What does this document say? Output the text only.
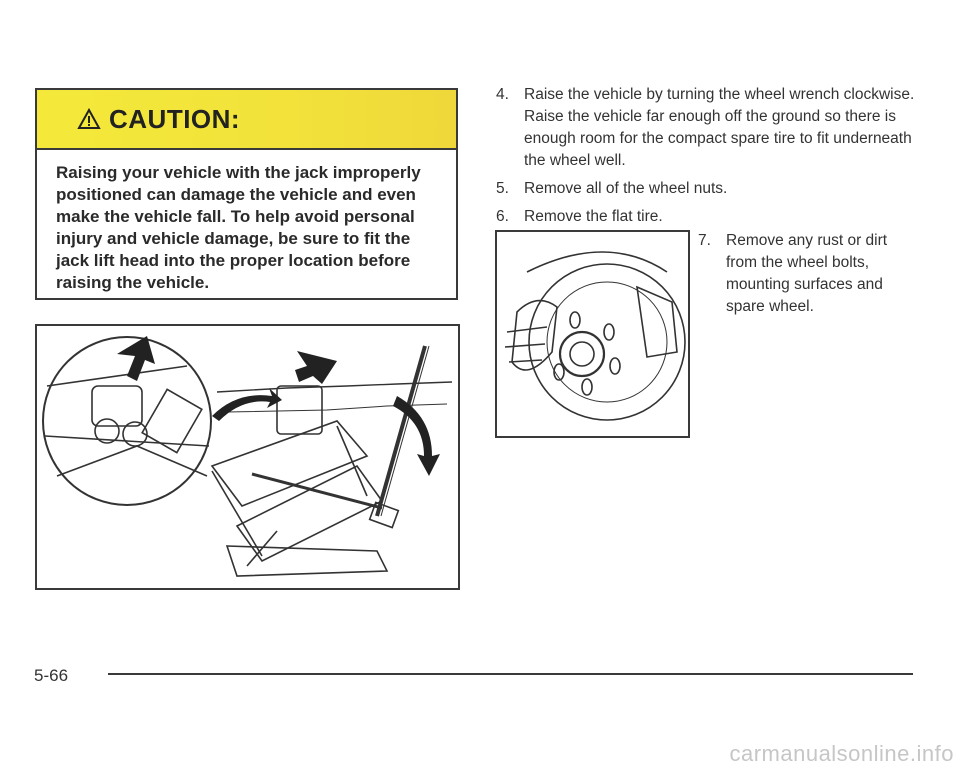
CAUTION:
Raising your vehicle with the jack improperly positioned can damage the vehicle and even make the vehicle fall. To help avoid personal injury and vehicle damage, be sure to fit the jack lift head into the proper location before raising the vehicle.
4. Raise the vehicle by turning the wheel wrench clockwise. Raise the vehicle far enough off the ground so there is enough room for the compact spare tire to fit underneath the wheel well.
5. Remove all of the wheel nuts.
6. Remove the flat tire.
7. Remove any rust or dirt from the wheel bolts, mounting surfaces and spare wheel.
5-66
carmanualsonline.info
